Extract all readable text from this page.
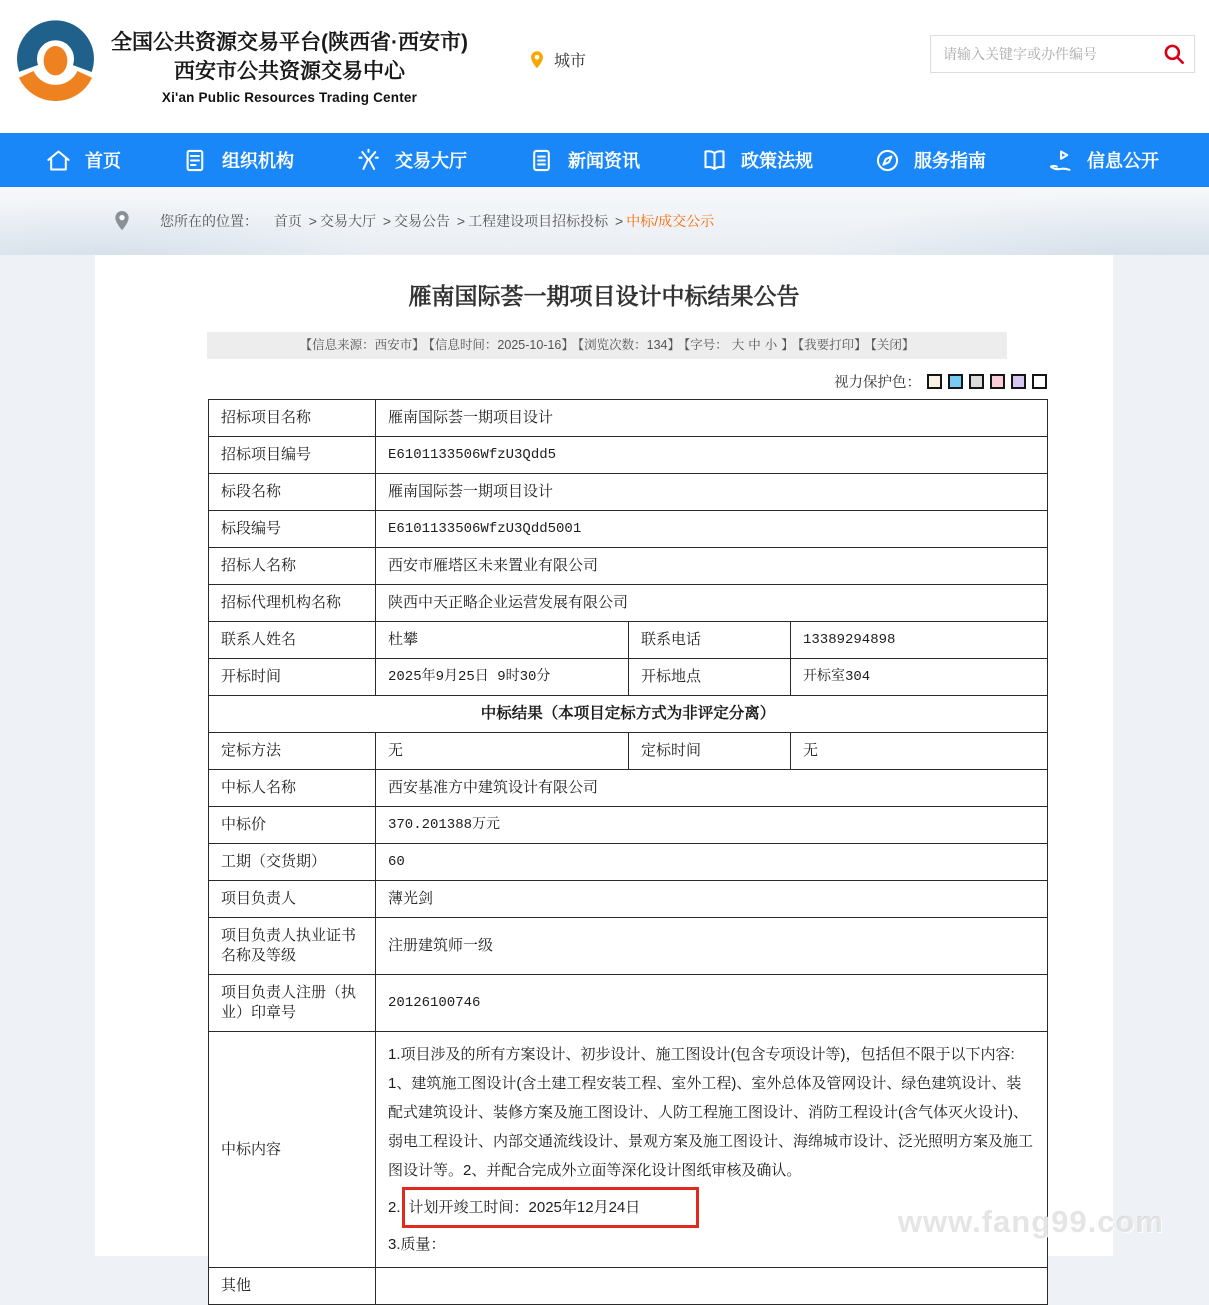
全国公共资源交易平台(陕西省·西安市)
西安市公共资源交易中心
Xi'an Public Resources Trading Center
城市
请输入关键字或办件编号
首页	组织机构	交易大厅	新闻资讯	政策法规	服务指南	信息公开
您所在的位置： 首页 > 交易大厅 > 交易公告 > 工程建设项目招标投标 > 中标/成交公示
雁南国际荟一期项目设计中标结果公告
【信息来源：西安市】 【信息时间：2025-10-16】 【浏览次数：134】 【字号： 大 中 小 】 【我要打印】 【关闭】
视力保护色：
招标项目名称	雁南国际荟一期项目设计		
招标项目编号	E6101133506WfzU3Qdd5		
标段名称	雁南国际荟一期项目设计		
标段编号	E6101133506WfzU3Qdd5001		
招标人名称	西安市雁塔区未来置业有限公司		
招标代理机构名称	陕西中天正略企业运营发展有限公司		
联系人姓名	杜攀	联系电话	13389294898
开标时间	2025年9月25日 9时30分	开标地点	开标室304
中标结果（本项目定标方式为非评定分离）			
定标方法	无	定标时间	无
中标人名称	西安基准方中建筑设计有限公司		
中标价	370.201388万元		
工期（交货期）	60		
项目负责人	薄光剑		
项目负责人执业证书名称及等级	注册建筑师一级		
项目负责人注册（执业）印章号	20126100746		
中标内容	1.项目涉及的所有方案设计、初步设计、施工图设计(包含专项设计等)，包括但不限于以下内容:1、建筑施工图设计(含土建工程安装工程、室外工程)、室外总体及管网设计、绿色建筑设计、装配式建筑设计、装修方案及施工图设计、人防工程施工图设计、消防工程设计(含气体灭火设计)、弱电工程设计、内部交通流线设计、景观方案及施工图设计、海绵城市设计、泛光照明方案及施工图设计等。2、并配合完成外立面等深化设计图纸审核及确认。
2. 计划开竣工时间：2025年12月24日
3.质量：		

其他			
www.fang99.com
